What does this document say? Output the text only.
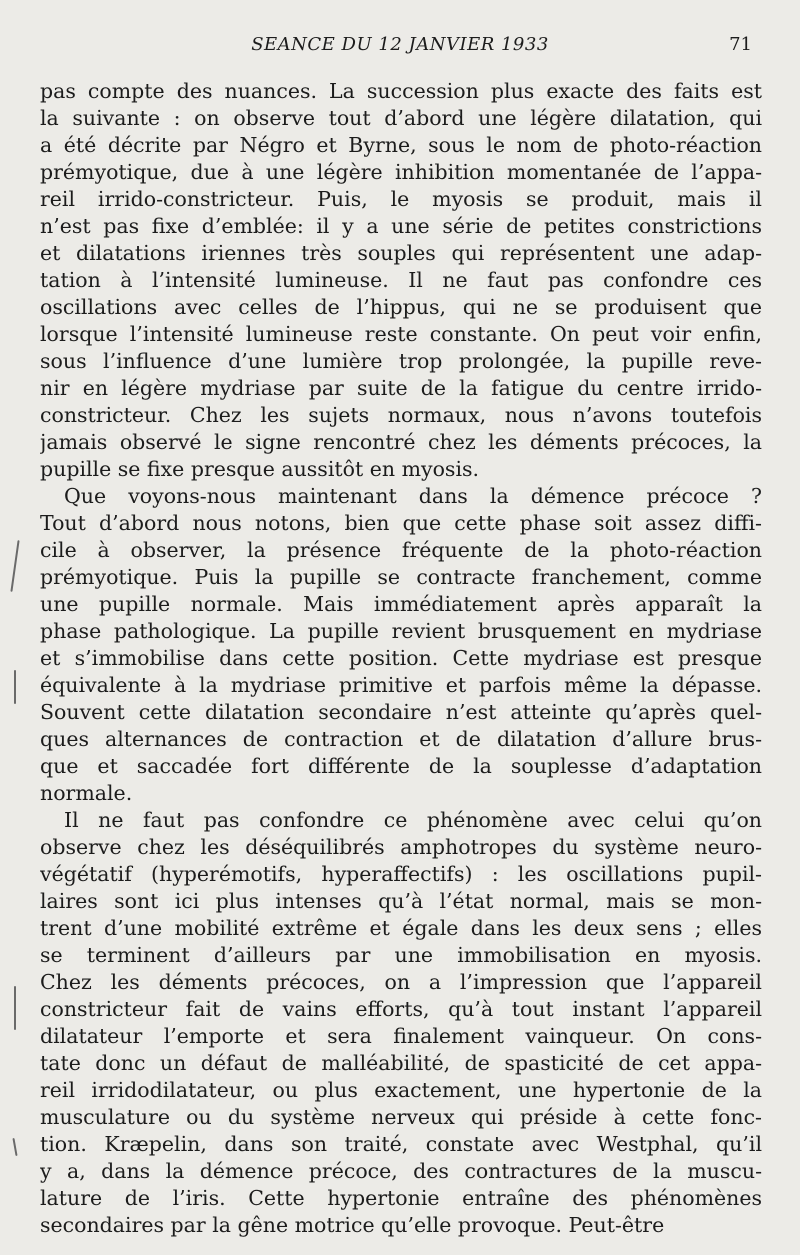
SEANCE DU 12 JANVIER 1933	71
pas compte des nuances. La succession plus exacte des faits est
la suivante : on observe tout d’abord une légère dilatation, qui
a été décrite par Négro et Byrne, sous le nom de photo-réaction
prémyotique, due à une légère inhibition momentanée de l’appa-
reil irrido-constricteur. Puis, le myosis se produit, mais il
n’est pas fixe d’emblée: il y a une série de petites constrictions
et dilatations iriennes très souples qui représentent une adap-
tation à l’intensité lumineuse. Il ne faut pas confondre ces
oscillations avec celles de l’hippus, qui ne se produisent que
lorsque l’intensité lumineuse reste constante. On peut voir enfin,
sous l’influence d’une lumière trop prolongée, la pupille reve-
nir en légère mydriase par suite de la fatigue du centre irrido-
constricteur. Chez les sujets normaux, nous n’avons toutefois
jamais observé le signe rencontré chez les déments précoces, la
pupille se fixe presque aussitôt en myosis.
Que voyons-nous maintenant dans la démence précoce ?
Tout d’abord nous notons, bien que cette phase soit assez diffi-
cile à observer, la présence fréquente de la photo-réaction
prémyotique. Puis la pupille se contracte franchement, comme
une pupille normale. Mais immédiatement après apparaît la
phase pathologique. La pupille revient brusquement en mydriase
et s’immobilise dans cette position. Cette mydriase est presque
équivalente à la mydriase primitive et parfois même la dépasse.
Souvent cette dilatation secondaire n’est atteinte qu’après quel-
ques alternances de contraction et de dilatation d’allure brus-
que et saccadée fort différente de la souplesse d’adaptation
normale.
Il ne faut pas confondre ce phénomène avec celui qu’on
observe chez les déséquilibrés amphotropes du système neuro-
végétatif (hyperémotifs, hyperaffectifs) : les oscillations pupil-
laires sont ici plus intenses qu’à l’état normal, mais se mon-
trent d’une mobilité extrême et égale dans les deux sens ; elles
se terminent d’ailleurs par une immobilisation en myosis.
Chez les déments précoces, on a l’impression que l’appareil
constricteur fait de vains efforts, qu’à tout instant l’appareil
dilatateur l’emporte et sera finalement vainqueur. On cons-
tate donc un défaut de malléabilité, de spasticité de cet appa-
reil irridodilatateur, ou plus exactement, une hypertonie de la
musculature ou du système nerveux qui préside à cette fonc-
tion. Kræpelin, dans son traité, constate avec Westphal, qu’il
y a, dans la démence précoce, des contractures de la muscu-
lature de l’iris. Cette hypertonie entraîne des phénomènes
secondaires par la gêne motrice qu’elle provoque. Peut-être
